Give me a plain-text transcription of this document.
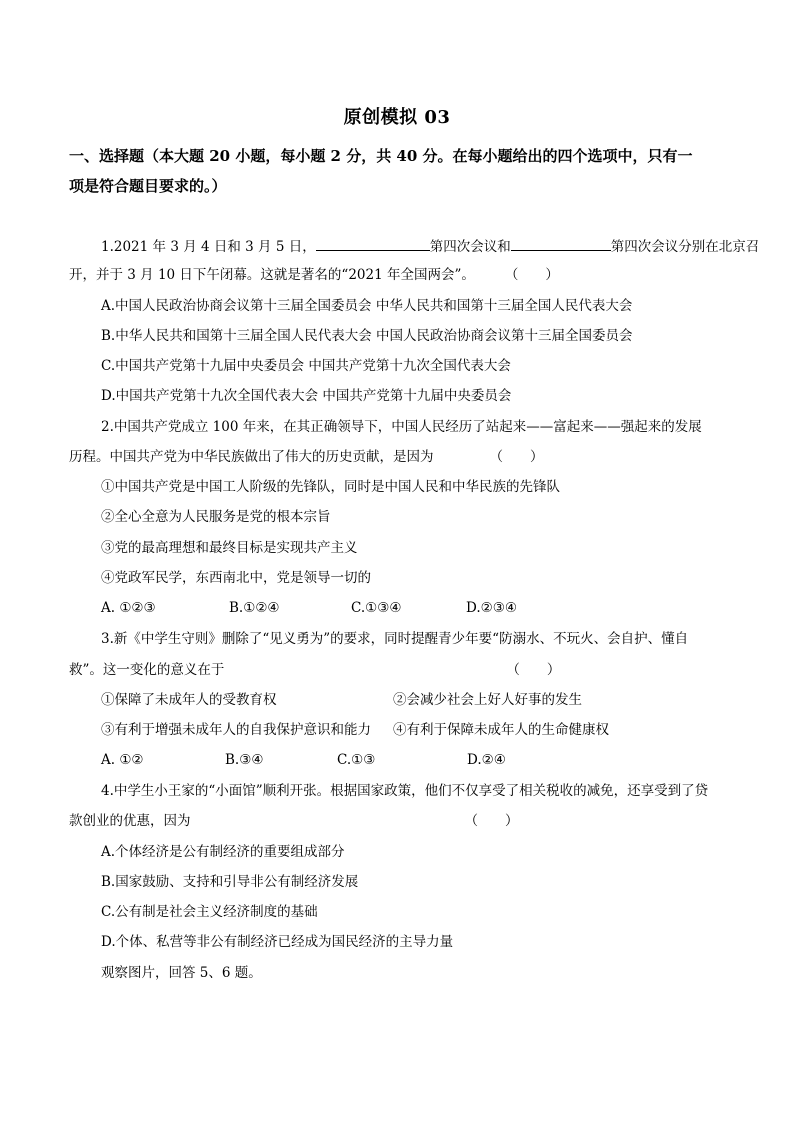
原创模拟 03
一、选择题（本大题 20 小题，每小题 2 分，共 40 分。在每小题给出的四个选项中，只有一
项是符合题目要求的。）
1.2021 年 3 月 4 日和 3 月 5 日，	第四次会议和	第四次会议分别在北京召
开，并于 3 月 10 日下午闭幕。这就是著名的“2021 年全国两会”。 （　　）
A.中国人民政治协商会议第十三届全国委员会 中华人民共和国第十三届全国人民代表大会
B.中华人民共和国第十三届全国人民代表大会 中国人民政治协商会议第十三届全国委员会
C.中国共产党第十九届中央委员会 中国共产党第十九次全国代表大会
D.中国共产党第十九次全国代表大会 中国共产党第十九届中央委员会
2.中国共产党成立 100 年来，在其正确领导下，中国人民经历了站起来——富起来——强起来的发展
历程。中国共产党为中华民族做出了伟大的历史贡献，是因为	（　　）
①中国共产党是中国工人阶级的先锋队，同时是中国人民和中华民族的先锋队
②全心全意为人民服务是党的根本宗旨
③党的最高理想和最终目标是实现共产主义
④党政军民学，东西南北中，党是领导一切的
A. ①②③	B.①②④	C.①③④	D.②③④
3.新《中学生守则》删除了“见义勇为”的要求，同时提醒青少年要“防溺水、不玩火、会自护、懂自
救”。这一变化的意义在于	（　　）
①保障了未成年人的受教育权	②会减少社会上好人好事的发生
③有利于增强未成年人的自我保护意识和能力 ④有利于保障未成年人的生命健康权
A. ①②	B.③④	C.①③	D.②④
4.中学生小王家的“小面馆”顺利开张。根据国家政策，他们不仅享受了相关税收的减免，还享受到了贷
款创业的优惠，因为	（　　）
A.个体经济是公有制经济的重要组成部分
B.国家鼓励、支持和引导非公有制经济发展
C.公有制是社会主义经济制度的基础
D.个体、私营等非公有制经济已经成为国民经济的主导力量
观察图片，回答 5、6 题。
